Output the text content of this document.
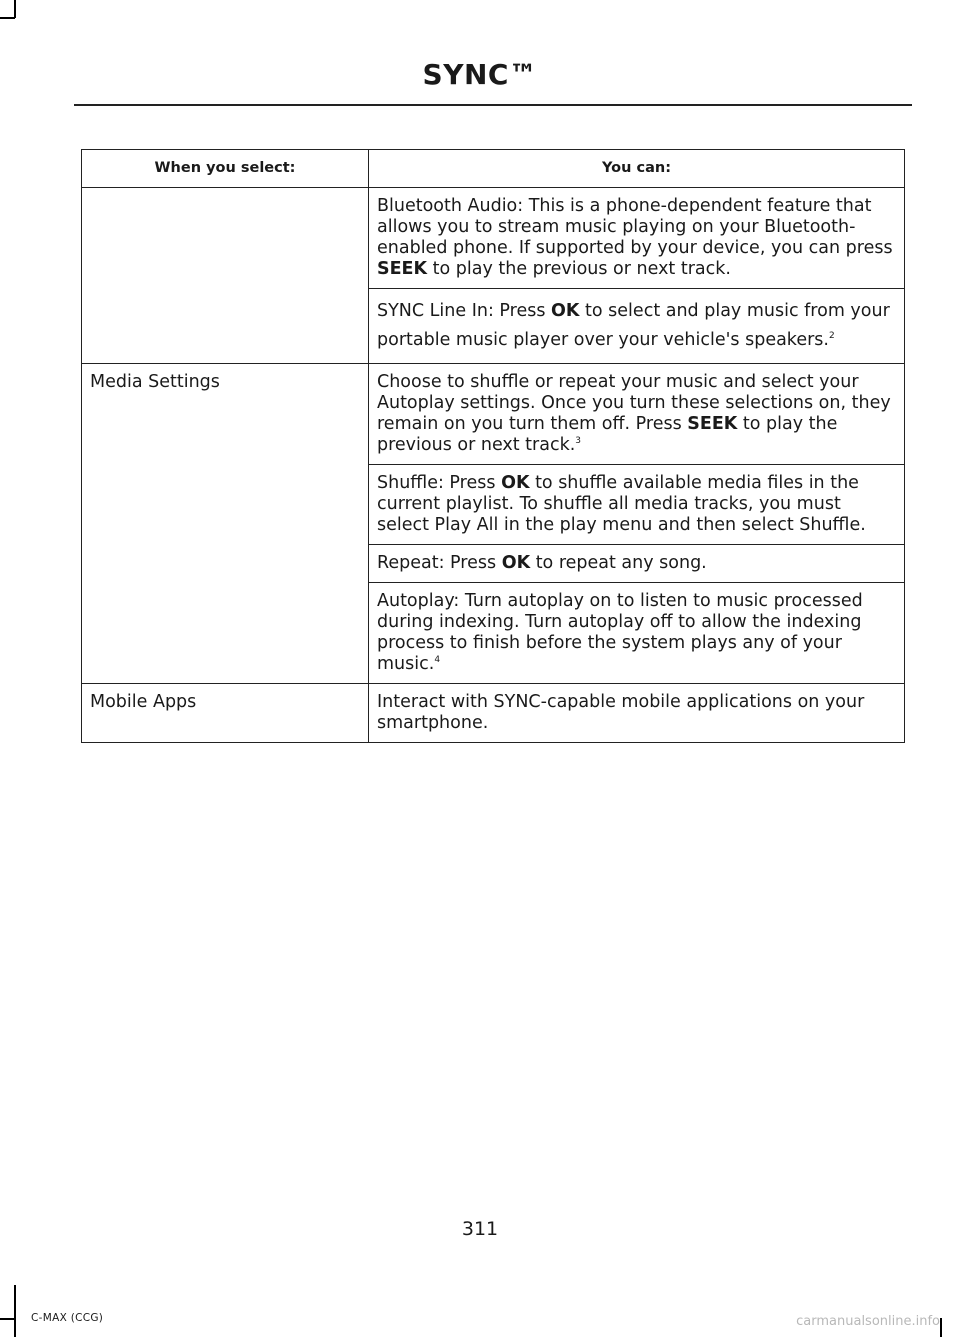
SYNC™
When you select:	You can:

	Bluetooth Audio: This is a phone-dependent feature that allows you to stream music playing on your Bluetooth-enabled phone. If supported by your device, you can press SEEK to play the previous or next track.
SYNC Line In: Press OK to select and play music from your portable music player over your vehicle's speakers.$^2$

Media Settings	Choose to shuffle or repeat your music and select your Autoplay settings. Once you turn these selections on, they remain on you turn them off. Press SEEK to play the previous or next track.$^3$
Shuffle: Press OK to shuffle available media files in the current playlist. To shuffle all media tracks, you must select Play All in the play menu and then select Shuffle.
Repeat: Press OK to repeat any song.
Autoplay: Turn autoplay on to listen to music processed during indexing. Turn autoplay off to allow the indexing process to finish before the system plays any of your music.$^4$

Mobile Apps	Interact with SYNC-capable mobile applications on your smartphone.
311
C-MAX (CCG)	carmanualsonline.info
